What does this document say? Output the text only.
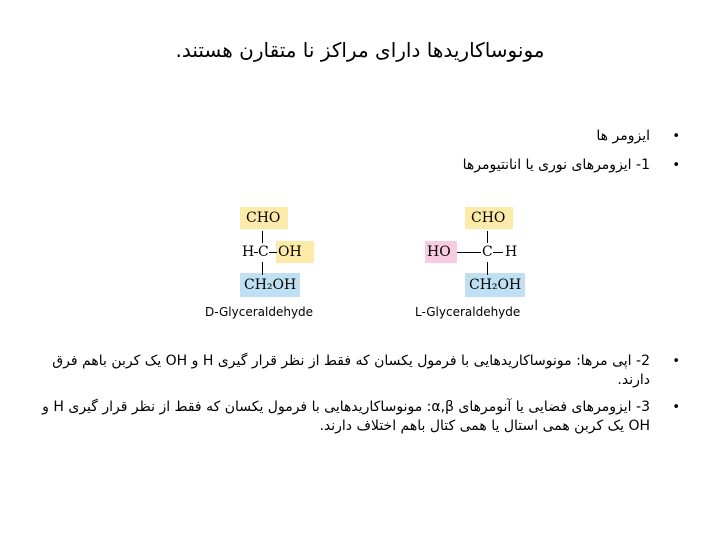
مونوساکاریدها دارای مراکز نا متقارن هستند.
•
ایزومر ها
•
1- ایزومرهای نوری یا انانتیومرها
CHO
H C OH
CH₂OH
D-Glyceraldehyde
CHO
HO C H
CH₂OH
L-Glyceraldehyde
•
2- اپی مرها: مونوساکاریدهایی با فرمول یکسان که فقط از نظر قرار گیری H و OH یک کربن باهم فرق دارند.
•
3- ایزومرهای فضایی یا آنومرهای α,β: مونوساکاریدهایی با فرمول یکسان که فقط از نظر قرار گیری H و OH یک کربن همی استال یا همی کتال باهم اختلاف دارند.
